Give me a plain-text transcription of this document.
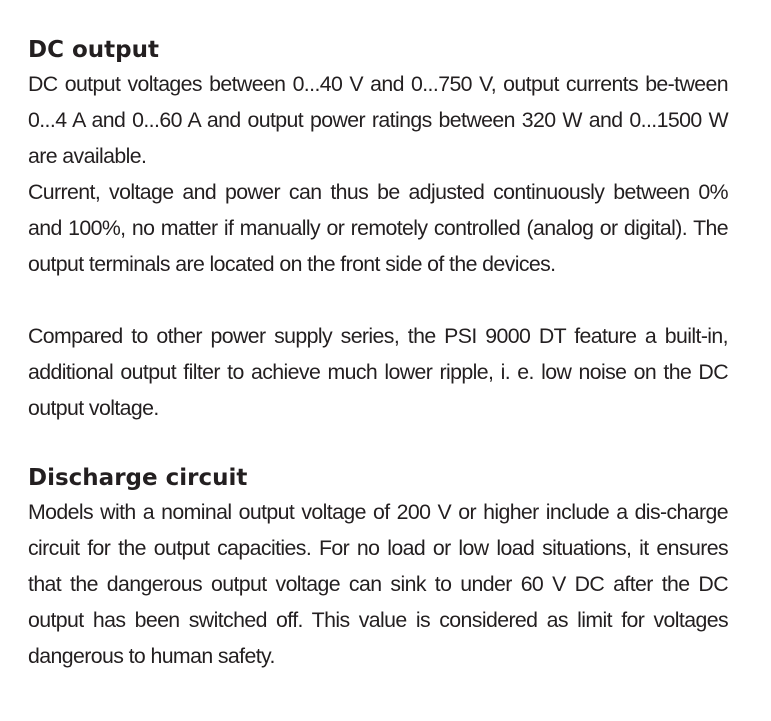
DC output

DC output voltages between 0...40 V and 0...750 V, output currents be-tween 0...4 A and 0...60 A and output power ratings between 320 W and 0...1500 W are available.

Current, voltage and power can thus be adjusted continuously between 0% and 100%, no matter if manually or remotely controlled (analog or digital). The output terminals are located on the front side of the devices.

Compared to other power supply series, the PSI 9000 DT feature a built-in, additional output filter to achieve much lower ripple, i. e. low noise on the DC output voltage.

Discharge circuit

Models with a nominal output voltage of 200 V or higher include a dis-charge circuit for the output capacities. For no load or low load situations, it ensures that the dangerous output voltage can sink to under 60 V DC after the DC output has been switched off. This value is considered as limit for voltages dangerous to human safety.
